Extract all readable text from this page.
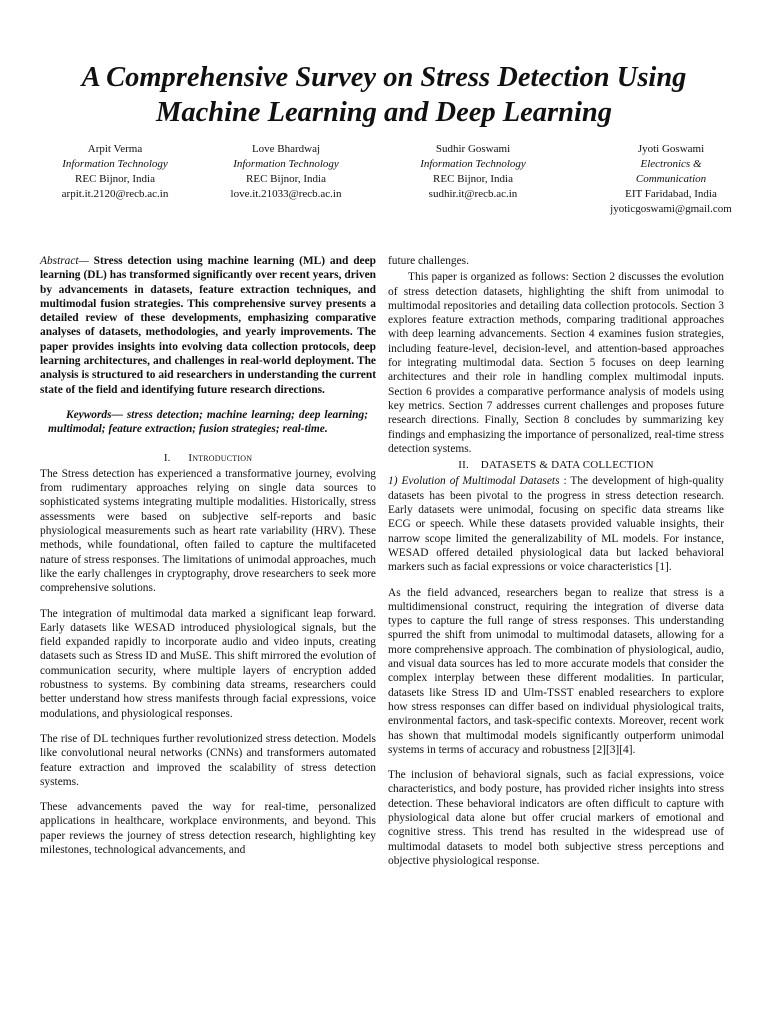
A Comprehensive Survey on Stress Detection Using
Machine Learning and Deep Learning
Arpit Verma
Information Technology
REC Bijnor, India
arpit.it.2120@recb.ac.in
Love Bhardwaj
Information Technology
REC Bijnor, India
love.it.21033@recb.ac.in
Sudhir Goswami
Information Technology
REC Bijnor, India
sudhir.it@recb.ac.in
Jyoti Goswami
Electronics &
Communication
EIT Faridabad, India
jyoticgoswami@gmail.com

Abstract— Stress detection using machine learning (ML) and deep learning (DL) has transformed significantly over recent years, driven by advancements in datasets, feature extraction techniques, and multimodal fusion strategies. This comprehensive survey presents a detailed review of these developments, emphasizing comparative analyses of datasets, methodologies, and yearly improvements. The paper provides insights into evolving data collection protocols, deep learning architectures, and challenges in real-world deployment. The analysis is structured to aid researchers in understanding the current state of the field and identifying future research directions.

Keywords— stress detection; machine learning; deep learning; multimodal; feature extraction; fusion strategies; real-time.

I. Introduction

The Stress detection has experienced a transformative journey, evolving from rudimentary approaches relying on single data sources to sophisticated systems integrating multiple modalities. Historically, stress assessments were based on subjective self-reports and basic physiological measurements such as heart rate variability (HRV). These methods, while foundational, often failed to capture the multifaceted nature of stress responses. The limitations of unimodal approaches, much like the early challenges in cryptography, drove researchers to seek more comprehensive solutions.

The integration of multimodal data marked a significant leap forward. Early datasets like WESAD introduced physiological signals, but the field expanded rapidly to incorporate audio and video inputs, creating datasets such as Stress ID and MuSE. This shift mirrored the evolution of communication security, where multiple layers of encryption added robustness to systems. By combining data streams, researchers could better understand how stress manifests through facial expressions, voice modulations, and physiological responses.

The rise of DL techniques further revolutionized stress detection. Models like convolutional neural networks (CNNs) and transformers automated feature extraction and improved the scalability of stress detection systems.

These advancements paved the way for real-time, personalized applications in healthcare, workplace environments, and beyond. This paper reviews the journey of stress detection research, highlighting key milestones, technological advancements, and

future challenges.

This paper is organized as follows: Section 2 discusses the evolution of stress detection datasets, highlighting the shift from unimodal to multimodal repositories and detailing data collection protocols. Section 3 explores feature extraction methods, comparing traditional approaches with deep learning advancements. Section 4 examines fusion strategies, including feature-level, decision-level, and attention-based approaches for integrating multimodal data. Section 5 focuses on deep learning architectures and their role in handling complex multimodal inputs. Section 6 provides a comparative performance analysis of models using key metrics. Section 7 addresses current challenges and proposes future research directions. Finally, Section 8 concludes by summarizing key findings and emphasizing the importance of personalized, real-time stress detection systems.

II. DATASETS & DATA COLLECTION

1) Evolution of Multimodal Datasets : The development of high-quality datasets has been pivotal to the progress in stress detection research. Early datasets were unimodal, focusing on specific data streams like ECG or speech. While these datasets provided valuable insights, their narrow scope limited the generalizability of ML models. For instance, WESAD offered detailed physiological data but lacked behavioral markers such as facial expressions or voice characteristics [1].

As the field advanced, researchers began to realize that stress is a multidimensional construct, requiring the integration of diverse data types to capture the full range of stress responses. This understanding spurred the shift from unimodal to multimodal datasets, allowing for a more comprehensive approach. The combination of physiological, audio, and visual data sources has led to more accurate models that consider the complex interplay between these different modalities. In particular, datasets like Stress ID and Ulm-TSST enabled researchers to explore how stress responses can differ based on individual physiological traits, environmental factors, and task-specific contexts. Moreover, recent work has shown that multimodal models significantly outperform unimodal systems in terms of accuracy and robustness [2][3][4].

The inclusion of behavioral signals, such as facial expressions, voice characteristics, and body posture, has provided richer insights into stress detection. These behavioral indicators are often difficult to capture with physiological data alone but offer crucial markers of emotional and cognitive stress. This trend has resulted in the widespread use of multimodal datasets to model both subjective stress perceptions and objective physiological response.
